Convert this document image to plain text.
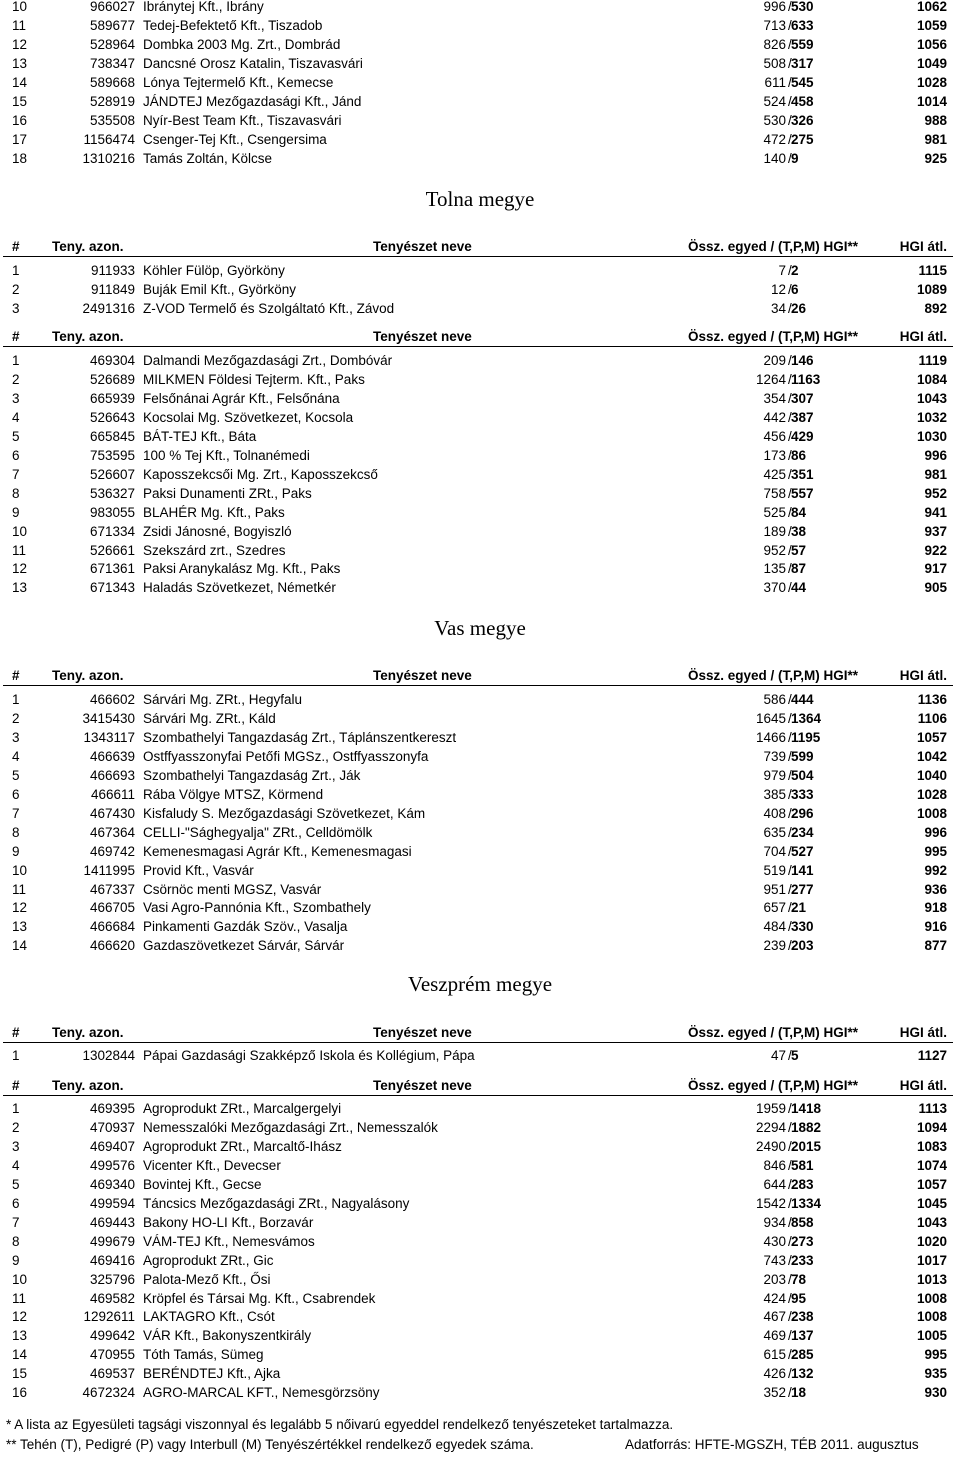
10	966027 Ibránytej Kft., Ibrány	996 / 530	1062
11	589677 Tedej-Befektető Kft., Tiszadob	713 / 633	1059
12	528964 Dombka 2003 Mg. Zrt., Dombrád	826 / 559	1056
13	738347 Dancsné Orosz Katalin, Tiszavasvári	508 / 317	1049
14	589668 Lónya Tejtermelő Kft., Kemecse	611 / 545	1028
15	528919 JÁNDTEJ Mezőgazdasági Kft., Jánd	524 / 458	1014
16	535508 Nyír-Best Team Kft., Tiszavasvári	530 / 326	988
17	1156474 Csenger-Tej Kft., Csengersima	472 / 275	981
18	1310216 Tamás Zoltán, Kölcse	140 / 9	925
Tolna megye
# Teny. azon.	Tenyészet neve	Össz. egyed / (T,P,M) HGI**	HGI átl.
1	911933 Köhler Fülöp, Györköny	7 / 2	1115
2	911849 Buják Emil Kft., Györköny	12 / 6	1089
3	2491316 Z-VOD Termelő és Szolgáltató Kft., Závod	34 / 26	892
# Teny. azon.	Tenyészet neve	Össz. egyed / (T,P,M) HGI**	HGI átl.
1	469304 Dalmandi Mezőgazdasági Zrt., Dombóvár	209 / 146	1119
2	526689 MILKMEN Földesi Tejterm. Kft., Paks	1264 / 1163	1084
3	665939 Felsőnánai Agrár Kft., Felsőnána	354 / 307	1043
4	526643 Kocsolai Mg. Szövetkezet, Kocsola	442 / 387	1032
5	665845 BÁT-TEJ Kft., Báta	456 / 429	1030
6	753595 100 % Tej Kft., Tolnanémedi	173 / 86	996
7	526607 Kaposszekcsői Mg. Zrt., Kaposszekcső	425 / 351	981
8	536327 Paksi Dunamenti ZRt., Paks	758 / 557	952
9	983055 BLAHÉR Mg. Kft., Paks	525 / 84	941
10	671334 Zsidi Jánosné, Bogyiszló	189 / 38	937
11	526661 Szekszárd zrt., Szedres	952 / 57	922
12	671361 Paksi Aranykalász Mg. Kft., Paks	135 / 87	917
13	671343 Haladás Szövetkezet, Németkér	370 / 44	905
Vas megye
# Teny. azon.	Tenyészet neve	Össz. egyed / (T,P,M) HGI**	HGI átl.
1	466602 Sárvári Mg. ZRt., Hegyfalu	586 / 444	1136
2	3415430 Sárvári Mg. ZRt., Káld	1645 / 1364	1106
3	1343117 Szombathelyi Tangazdaság Zrt., Táplánszentkereszt	1466 / 1195	1057
4	466639 Ostffyasszonyfai Petőfi MGSz., Ostffyasszonyfa	739 / 599	1042
5	466693 Szombathelyi Tangazdaság Zrt., Ják	979 / 504	1040
6	466611 Rába Völgye MTSZ, Körmend	385 / 333	1028
7	467430 Kisfaludy S. Mezőgazdasági Szövetkezet, Kám	408 / 296	1008
8	467364 CELLI-"Sághegyalja" ZRt., Celldömölk	635 / 234	996
9	469742 Kemenesmagasi Agrár Kft., Kemenesmagasi	704 / 527	995
10	1411995 Provid Kft., Vasvár	519 / 141	992
11	467337 Csörnöc menti MGSZ, Vasvár	951 / 277	936
12	466705 Vasi Agro-Pannónia Kft., Szombathely	657 / 21	918
13	466684 Pinkamenti Gazdák Szöv., Vasalja	484 / 330	916
14	466620 Gazdaszövetkezet Sárvár, Sárvár	239 / 203	877
Veszprém megye
# Teny. azon.	Tenyészet neve	Össz. egyed / (T,P,M) HGI**	HGI átl.
1	1302844 Pápai Gazdasági Szakképző Iskola és Kollégium, Pápa	47 / 5	1127
# Teny. azon.	Tenyészet neve	Össz. egyed / (T,P,M) HGI**	HGI átl.
1	469395 Agroprodukt ZRt., Marcalgergelyi	1959 / 1418	1113
2	470937 Nemesszalóki Mezőgazdasági Zrt., Nemesszalók	2294 / 1882	1094
3	469407 Agroprodukt ZRt., Marcaltő-Ihász	2490 / 2015	1083
4	499576 Vicenter Kft., Devecser	846 / 581	1074
5	469340 Bovintej Kft., Gecse	644 / 283	1057
6	499594 Táncsics Mezőgazdasági ZRt., Nagyalásony	1542 / 1334	1045
7	469443 Bakony HO-LI Kft., Borzavár	934 / 858	1043
8	499679 VÁM-TEJ Kft., Nemesvámos	430 / 273	1020
9	469416 Agroprodukt ZRt., Gic	743 / 233	1017
10	325796 Palota-Mező Kft., Ősi	203 / 78	1013
11	469582 Kröpfel és Társai Mg. Kft., Csabrendek	424 / 95	1008
12	1292611 LAKTAGRO Kft., Csót	467 / 238	1008
13	499642 VÁR Kft., Bakonyszentkirály	469 / 137	1005
14	470955 Tóth Tamás, Sümeg	615 / 285	995
15	469537 BERÉNDTEJ Kft., Ajka	426 / 132	935
16	4672324 AGRO-MARCAL KFT., Nemesgörzsöny	352 / 18	930
* A lista az Egyesületi tagsági viszonnyal és legalább 5 nőivarú egyeddel rendelkező tenyészeteket tartalmazza.
** Tehén (T), Pedigré (P) vagy Interbull (M) Tenyészértékkel rendelkező egyedek száma.	Adatforrás: HFTE-MGSZH, TÉB 2011. augusztus
